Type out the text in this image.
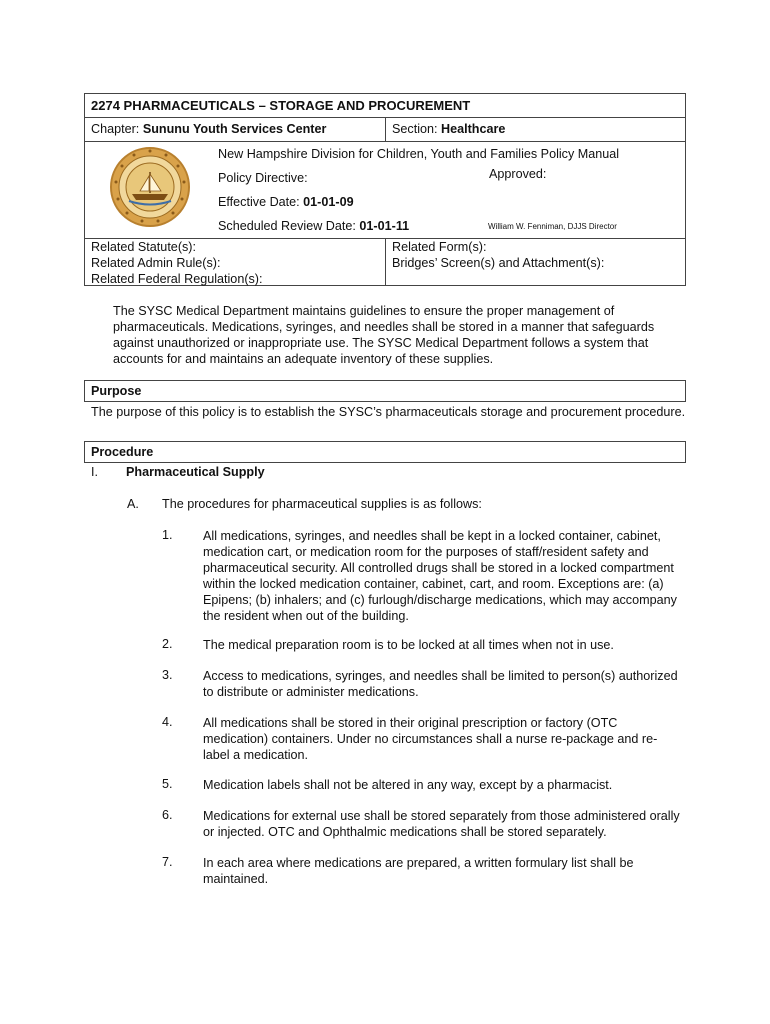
2274 PHARMACEUTICALS – STORAGE AND PROCUREMENT
Chapter: Sununu Youth Services Center	Section: Healthcare
New Hampshire Division for Children, Youth and Families Policy Manual
Policy Directive:	Approved:
Effective Date: 01-01-09
Scheduled Review Date: 01-01-11	William W. Fenniman, DJJS Director
Related Statute(s):
Related Admin Rule(s):
Related Federal Regulation(s):
Related Form(s):
Bridges’ Screen(s) and Attachment(s):
The SYSC Medical Department maintains guidelines to ensure the proper management of pharmaceuticals. Medications, syringes, and needles shall be stored in a manner that safeguards against unauthorized or inappropriate use. The SYSC Medical Department follows a system that accounts for and maintains an adequate inventory of these supplies.
Purpose
The purpose of this policy is to establish the SYSC’s pharmaceuticals storage and procurement procedure.
Procedure
I. Pharmaceutical Supply
A. The procedures for pharmaceutical supplies is as follows:
1. All medications, syringes, and needles shall be kept in a locked container, cabinet, medication cart, or medication room for the purposes of staff/resident safety and pharmaceutical security. All controlled drugs shall be stored in a locked compartment within the locked medication container, cabinet, cart, and room. Exceptions are: (a) Epipens; (b) inhalers; and (c) furlough/discharge medications, which may accompany the resident when out of the building.
2. The medical preparation room is to be locked at all times when not in use.
3. Access to medications, syringes, and needles shall be limited to person(s) authorized to distribute or administer medications.
4. All medications shall be stored in their original prescription or factory (OTC medication) containers. Under no circumstances shall a nurse re-package and re-label a medication.
5. Medication labels shall not be altered in any way, except by a pharmacist.
6. Medications for external use shall be stored separately from those administered orally or injected. OTC and Ophthalmic medications shall be stored separately.
7. In each area where medications are prepared, a written formulary list shall be maintained.
